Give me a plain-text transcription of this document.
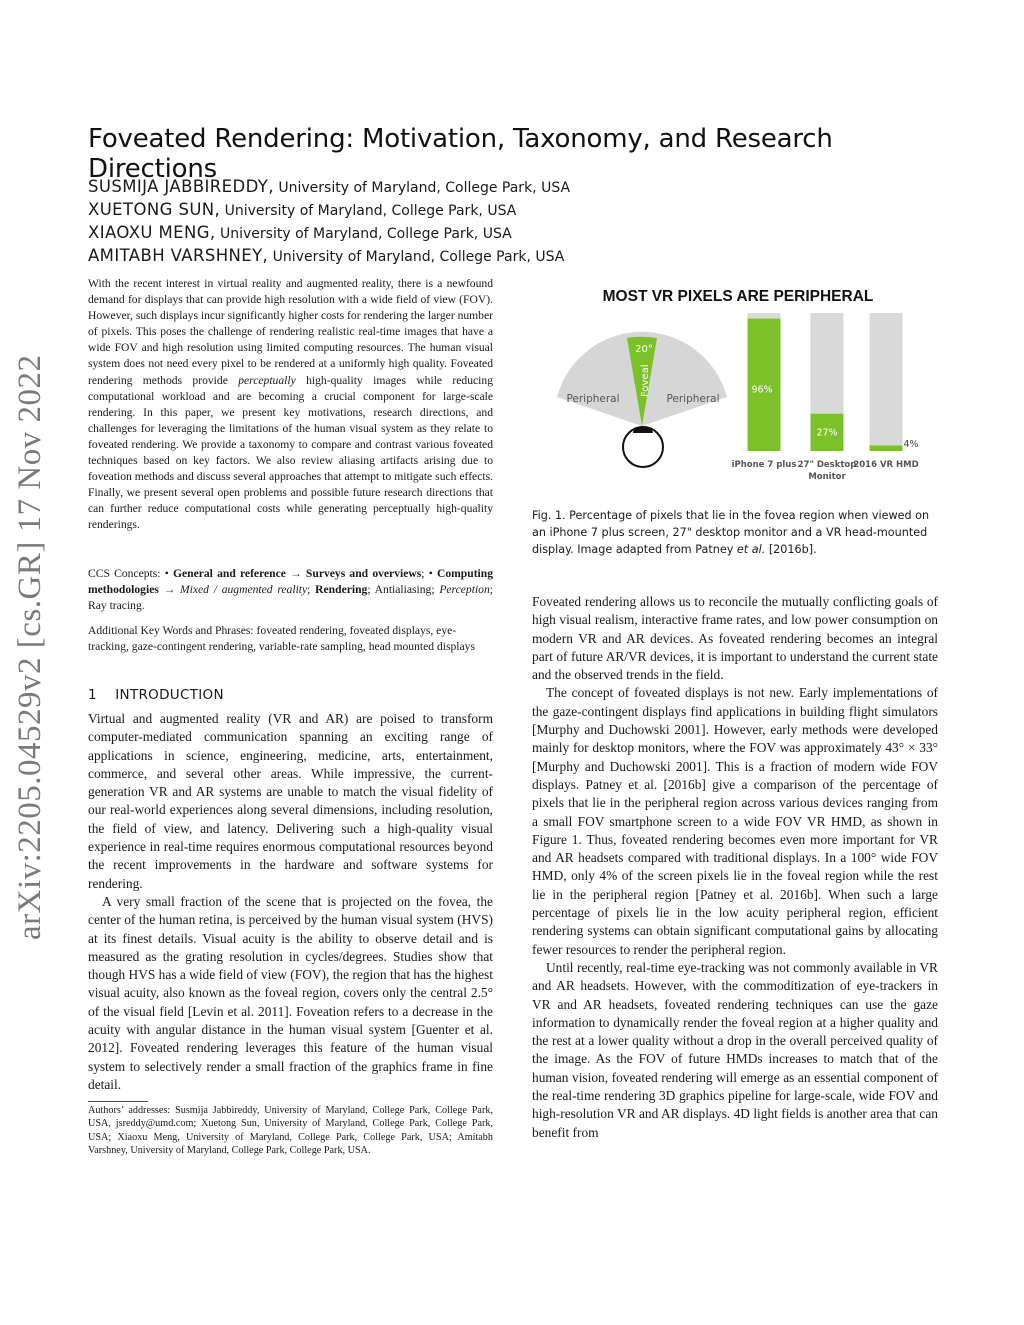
arXiv:2205.04529v2 [cs.GR] 17 Nov 2022
Foveated Rendering: Motivation, Taxonomy, and Research Directions
SUSMIJA JABBIREDDY, University of Maryland, College Park, USA
XUETONG SUN, University of Maryland, College Park, USA
XIAOXU MENG, University of Maryland, College Park, USA
AMITABH VARSHNEY, University of Maryland, College Park, USA
With the recent interest in virtual reality and augmented reality, there is a newfound demand for displays that can provide high resolution with a wide field of view (FOV). However, such displays incur significantly higher costs for rendering the larger number of pixels. This poses the challenge of rendering realistic real-time images that have a wide FOV and high resolution using limited computing resources. The human visual system does not need every pixel to be rendered at a uniformly high quality. Foveated rendering methods provide perceptually high-quality images while reducing computational workload and are becoming a crucial component for large-scale rendering. In this paper, we present key motivations, research directions, and challenges for leveraging the limitations of the human visual system as they relate to foveated rendering. We provide a taxonomy to compare and contrast various foveated techniques based on key factors. We also review aliasing artifacts arising due to foveation methods and discuss several approaches that attempt to mitigate such effects. Finally, we present several open problems and possible future research directions that can further reduce computational costs while generating perceptually high-quality renderings.
CCS Concepts: • General and reference → Surveys and overviews; • Computing methodologies → Mixed / augmented reality; Rendering; Antialiasing; Perception; Ray tracing.
Additional Key Words and Phrases: foveated rendering, foveated displays, eye-tracking, gaze-contingent rendering, variable-rate sampling, head mounted displays
1 INTRODUCTION

Virtual and augmented reality (VR and AR) are poised to transform computer-mediated communication spanning an exciting range of applications in science, engineering, medicine, arts, entertainment, commerce, and several other areas. While impressive, the current-generation VR and AR systems are unable to match the visual fidelity of our real-world experiences along several dimensions, including resolution, the field of view, and latency. Delivering such a high-quality visual experience in real-time requires enormous computational resources beyond the recent improvements in the hardware and software systems for rendering.

A very small fraction of the scene that is projected on the fovea, the center of the human retina, is perceived by the human visual system (HVS) at its finest details. Visual acuity is the ability to observe detail and is measured as the grating resolution in cycles/degrees. Studies show that though HVS has a wide field of view (FOV), the region that has the highest visual acuity, also known as the foveal region, covers only the central 2.5° of the visual field [Levin et al. 2011]. Foveation refers to a decrease in the acuity with angular distance in the human visual system [Guenter et al. 2012]. Foveated rendering leverages this feature of the human visual system to selectively render a small fraction of the graphics frame in fine detail.

Authors’ addresses: Susmija Jabbireddy, University of Maryland, College Park, College Park, USA, jsreddy@umd.com; Xuetong Sun, University of Maryland, College Park, College Park, USA; Xiaoxu Meng, University of Maryland, College Park, College Park, USA; Amitabh Varshney, University of Maryland, College Park, College Park, USA.
MOST VR PIXELS ARE PERIPHERAL
20°
Foveal
Peripheral	Peripheral
96%
iPhone 7 plus
27%
27" Desktop
Monitor
4%
2016 VR HMD
Fig. 1. Percentage of pixels that lie in the fovea region when viewed on an iPhone 7 plus screen, 27" desktop monitor and a VR head-mounted display. Image adapted from Patney et al. [2016b].

Foveated rendering allows us to reconcile the mutually conflicting goals of high visual realism, interactive frame rates, and low power consumption on modern VR and AR devices. As foveated rendering becomes an integral part of future AR/VR devices, it is important to understand the current state and the observed trends in the field.

The concept of foveated displays is not new. Early implementations of the gaze-contingent displays find applications in building flight simulators [Murphy and Duchowski 2001]. However, early methods were developed mainly for desktop monitors, where the FOV was approximately 43° × 33° [Murphy and Duchowski 2001]. This is a fraction of modern wide FOV displays. Patney et al. [2016b] give a comparison of the percentage of pixels that lie in the peripheral region across various devices ranging from a small FOV smartphone screen to a wide FOV VR HMD, as shown in Figure 1. Thus, foveated rendering becomes even more important for VR and AR headsets compared with traditional displays. In a 100° wide FOV HMD, only 4% of the screen pixels lie in the foveal region while the rest lie in the peripheral region [Patney et al. 2016b]. When such a large percentage of pixels lie in the low acuity peripheral region, efficient rendering systems can obtain significant computational gains by allocating fewer resources to render the peripheral region.

Until recently, real-time eye-tracking was not commonly available in VR and AR headsets. However, with the commoditization of eye-trackers in VR and AR headsets, foveated rendering techniques can use the gaze information to dynamically render the foveal region at a higher quality and the rest at a lower quality without a drop in the overall perceived quality of the image. As the FOV of future HMDs increases to match that of the human vision, foveated rendering will emerge as an essential component of the real-time rendering 3D graphics pipeline for large-scale, wide FOV and high-resolution VR and AR displays. 4D light fields is another area that can benefit from
